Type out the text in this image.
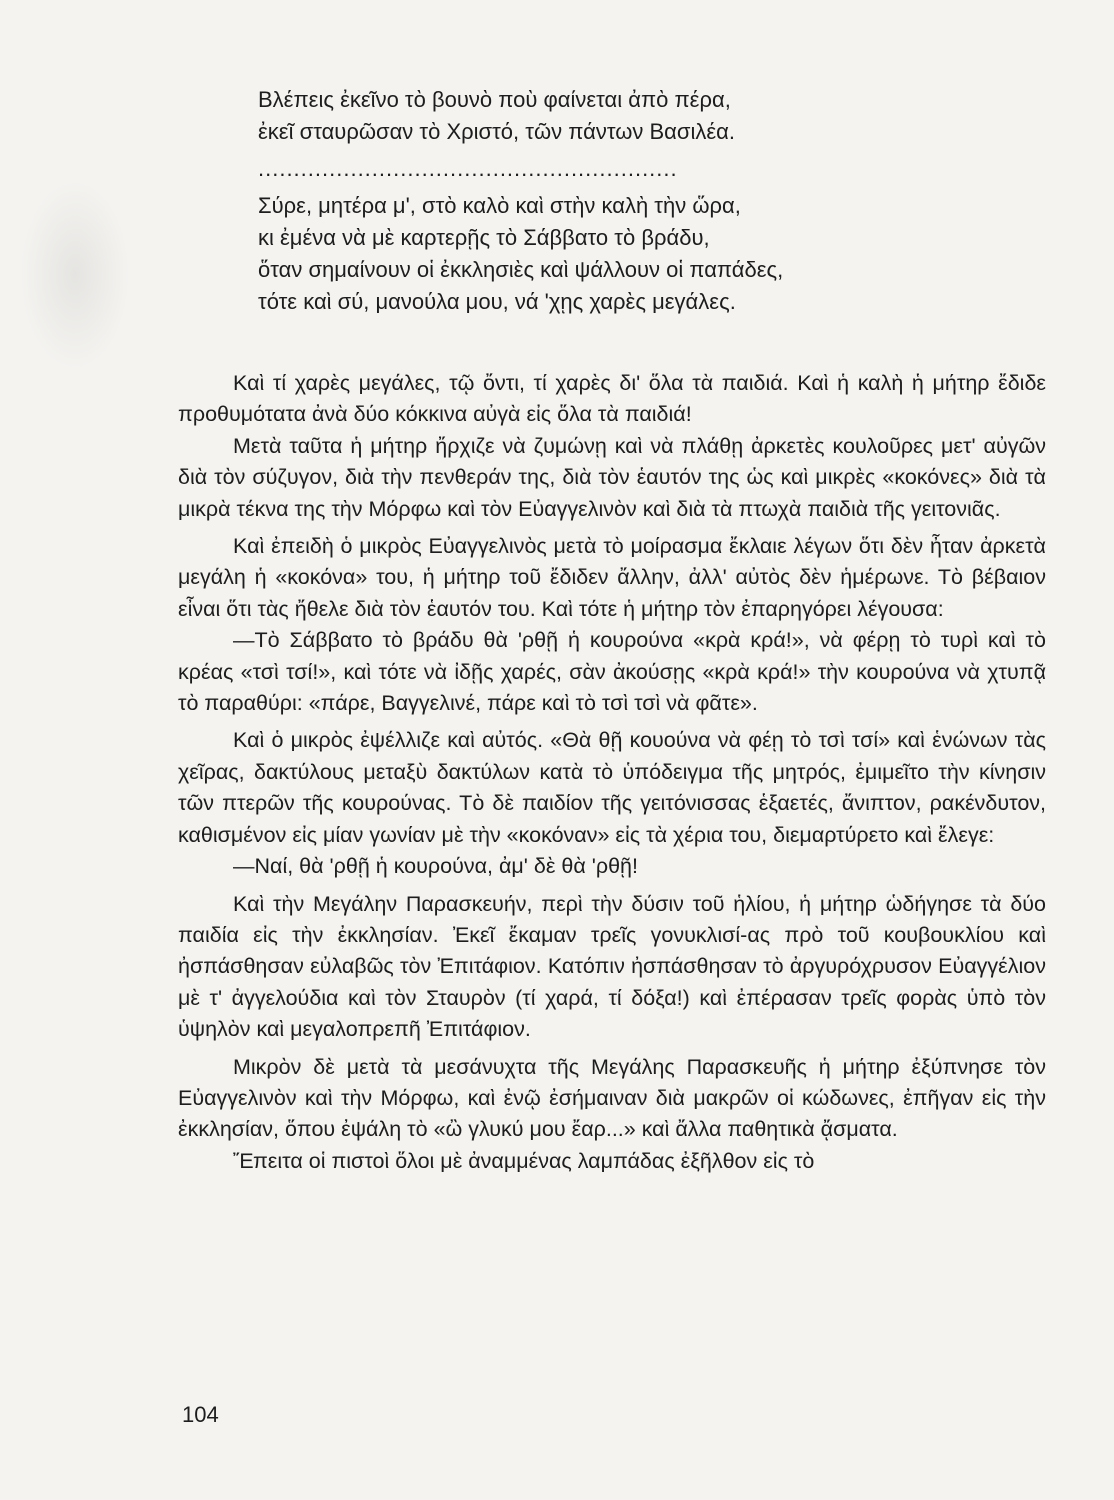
Βλέπεις ἐκεῖνο τὸ βουνὸ ποὺ φαίνεται ἀπὸ πέρα,
ἐκεῖ σταυρῶσαν τὸ Χριστό, τῶν πάντων Βασιλέα.
...........................................................
Σύρε, μητέρα μ', στὸ καλὸ καὶ στὴν καλὴ τὴν ὥρα,
κι ἐμένα νὰ μὲ καρτερῇς τὸ Σάββατο τὸ βράδυ,
ὅταν σημαίνουν οἱ ἐκκλησιὲς καὶ ψάλλουν οἱ παπάδες,
τότε καὶ σύ, μανούλα μου, νά 'χῃς χαρὲς μεγάλες.

Καὶ τί χαρὲς μεγάλες, τῷ ὄντι, τί χαρὲς δι' ὅλα τὰ παιδιά. Καὶ ἡ καλὴ ἡ μήτηρ ἔδιδε προθυμότατα ἀνὰ δύο κόκκινα αὐγὰ εἰς ὅλα τὰ παιδιά!

Μετὰ ταῦτα ἡ μήτηρ ἤρχιζε νὰ ζυμώνῃ καὶ νὰ πλάθῃ ἀρκετὲς κουλοῦρες μετ' αὐγῶν διὰ τὸν σύζυγον, διὰ τὴν πενθεράν της, διὰ τὸν ἑαυτόν της ὡς καὶ μικρὲς «κοκόνες» διὰ τὰ μικρὰ τέκνα της τὴν Μόρφω καὶ τὸν Εὐαγγελινὸν καὶ διὰ τὰ πτωχὰ παιδιὰ τῆς γειτονιᾶς.

Καὶ ἐπειδὴ ὁ μικρὸς Εὐαγγελινὸς μετὰ τὸ μοίρασμα ἔκλαιε λέγων ὅτι δὲν ἦταν ἀρκετὰ μεγάλη ἡ «κοκόνα» του, ἡ μήτηρ τοῦ ἔδιδεν ἄλλην, ἀλλ' αὐτὸς δὲν ἡμέρωνε. Τὸ βέβαιον εἶναι ὅτι τὰς ἤθελε διὰ τὸν ἑαυτόν του. Καὶ τότε ἡ μήτηρ τὸν ἐπαρηγόρει λέγουσα:

—Τὸ Σάββατο τὸ βράδυ θὰ 'ρθῇ ἡ κουρούνα «κρὰ κρά!», νὰ φέρῃ τὸ τυρὶ καὶ τὸ κρέας «τσὶ τσί!», καὶ τότε νὰ ἰδῇς χαρές, σὰν ἀκούσῃς «κρὰ κρά!» τὴν κουρούνα νὰ χτυπᾷ τὸ παραθύρι: «πάρε, Βαγγελινέ, πάρε καὶ τὸ τσὶ τσὶ νὰ φᾶτε».

Καὶ ὁ μικρὸς ἐψέλλιζε καὶ αὐτός. «Θὰ θῇ κουούνα νὰ φέῃ τὸ τσὶ τσί» καὶ ἑνώνων τὰς χεῖρας, δακτύλους μεταξὺ δακτύλων κατὰ τὸ ὑπόδειγμα τῆς μητρός, ἐμιμεῖτο τὴν κίνησιν τῶν πτερῶν τῆς κουρούνας. Τὸ δὲ παιδίον τῆς γειτόνισσας ἑξαετές, ἄνιπτον, ρακένδυτον, καθισμένον εἰς μίαν γωνίαν μὲ τὴν «κοκόναν» εἰς τὰ χέρια του, διεμαρτύρετο καὶ ἔλεγε:

—Ναί, θὰ 'ρθῇ ἡ κουρούνα, ἀμ' δὲ θὰ 'ρθῇ!

Καὶ τὴν Μεγάλην Παρασκευήν, περὶ τὴν δύσιν τοῦ ἡλίου, ἡ μήτηρ ὡδήγησε τὰ δύο παιδία εἰς τὴν ἐκκλησίαν. Ἐκεῖ ἔκαμαν τρεῖς γονυκλισί-ας πρὸ τοῦ κουβουκλίου καὶ ἠσπάσθησαν εὐλαβῶς τὸν Ἐπιτάφιον. Κατόπιν ἠσπάσθησαν τὸ ἀργυρόχρυσον Εὐαγγέλιον μὲ τ' ἀγγελούδια καὶ τὸν Σταυρὸν (τί χαρά, τί δόξα!) καὶ ἐπέρασαν τρεῖς φορὰς ὑπὸ τὸν ὑψηλὸν καὶ μεγαλοπρεπῆ Ἐπιτάφιον.

Μικρὸν δὲ μετὰ τὰ μεσάνυχτα τῆς Μεγάλης Παρασκευῆς ἡ μήτηρ ἐξύπνησε τὸν Εὐαγγελινὸν καὶ τὴν Μόρφω, καὶ ἐνῷ ἐσήμαιναν διὰ μακρῶν οἱ κώδωνες, ἐπῆγαν εἰς τὴν ἐκκλησίαν, ὅπου ἐψάλη τὸ «ὢ γλυκύ μου ἔαρ...» καὶ ἄλλα παθητικὰ ᾄσματα.

Ἔπειτα οἱ πιστοὶ ὅλοι μὲ ἀναμμένας λαμπάδας ἐξῆλθον εἰς τὸ

104
